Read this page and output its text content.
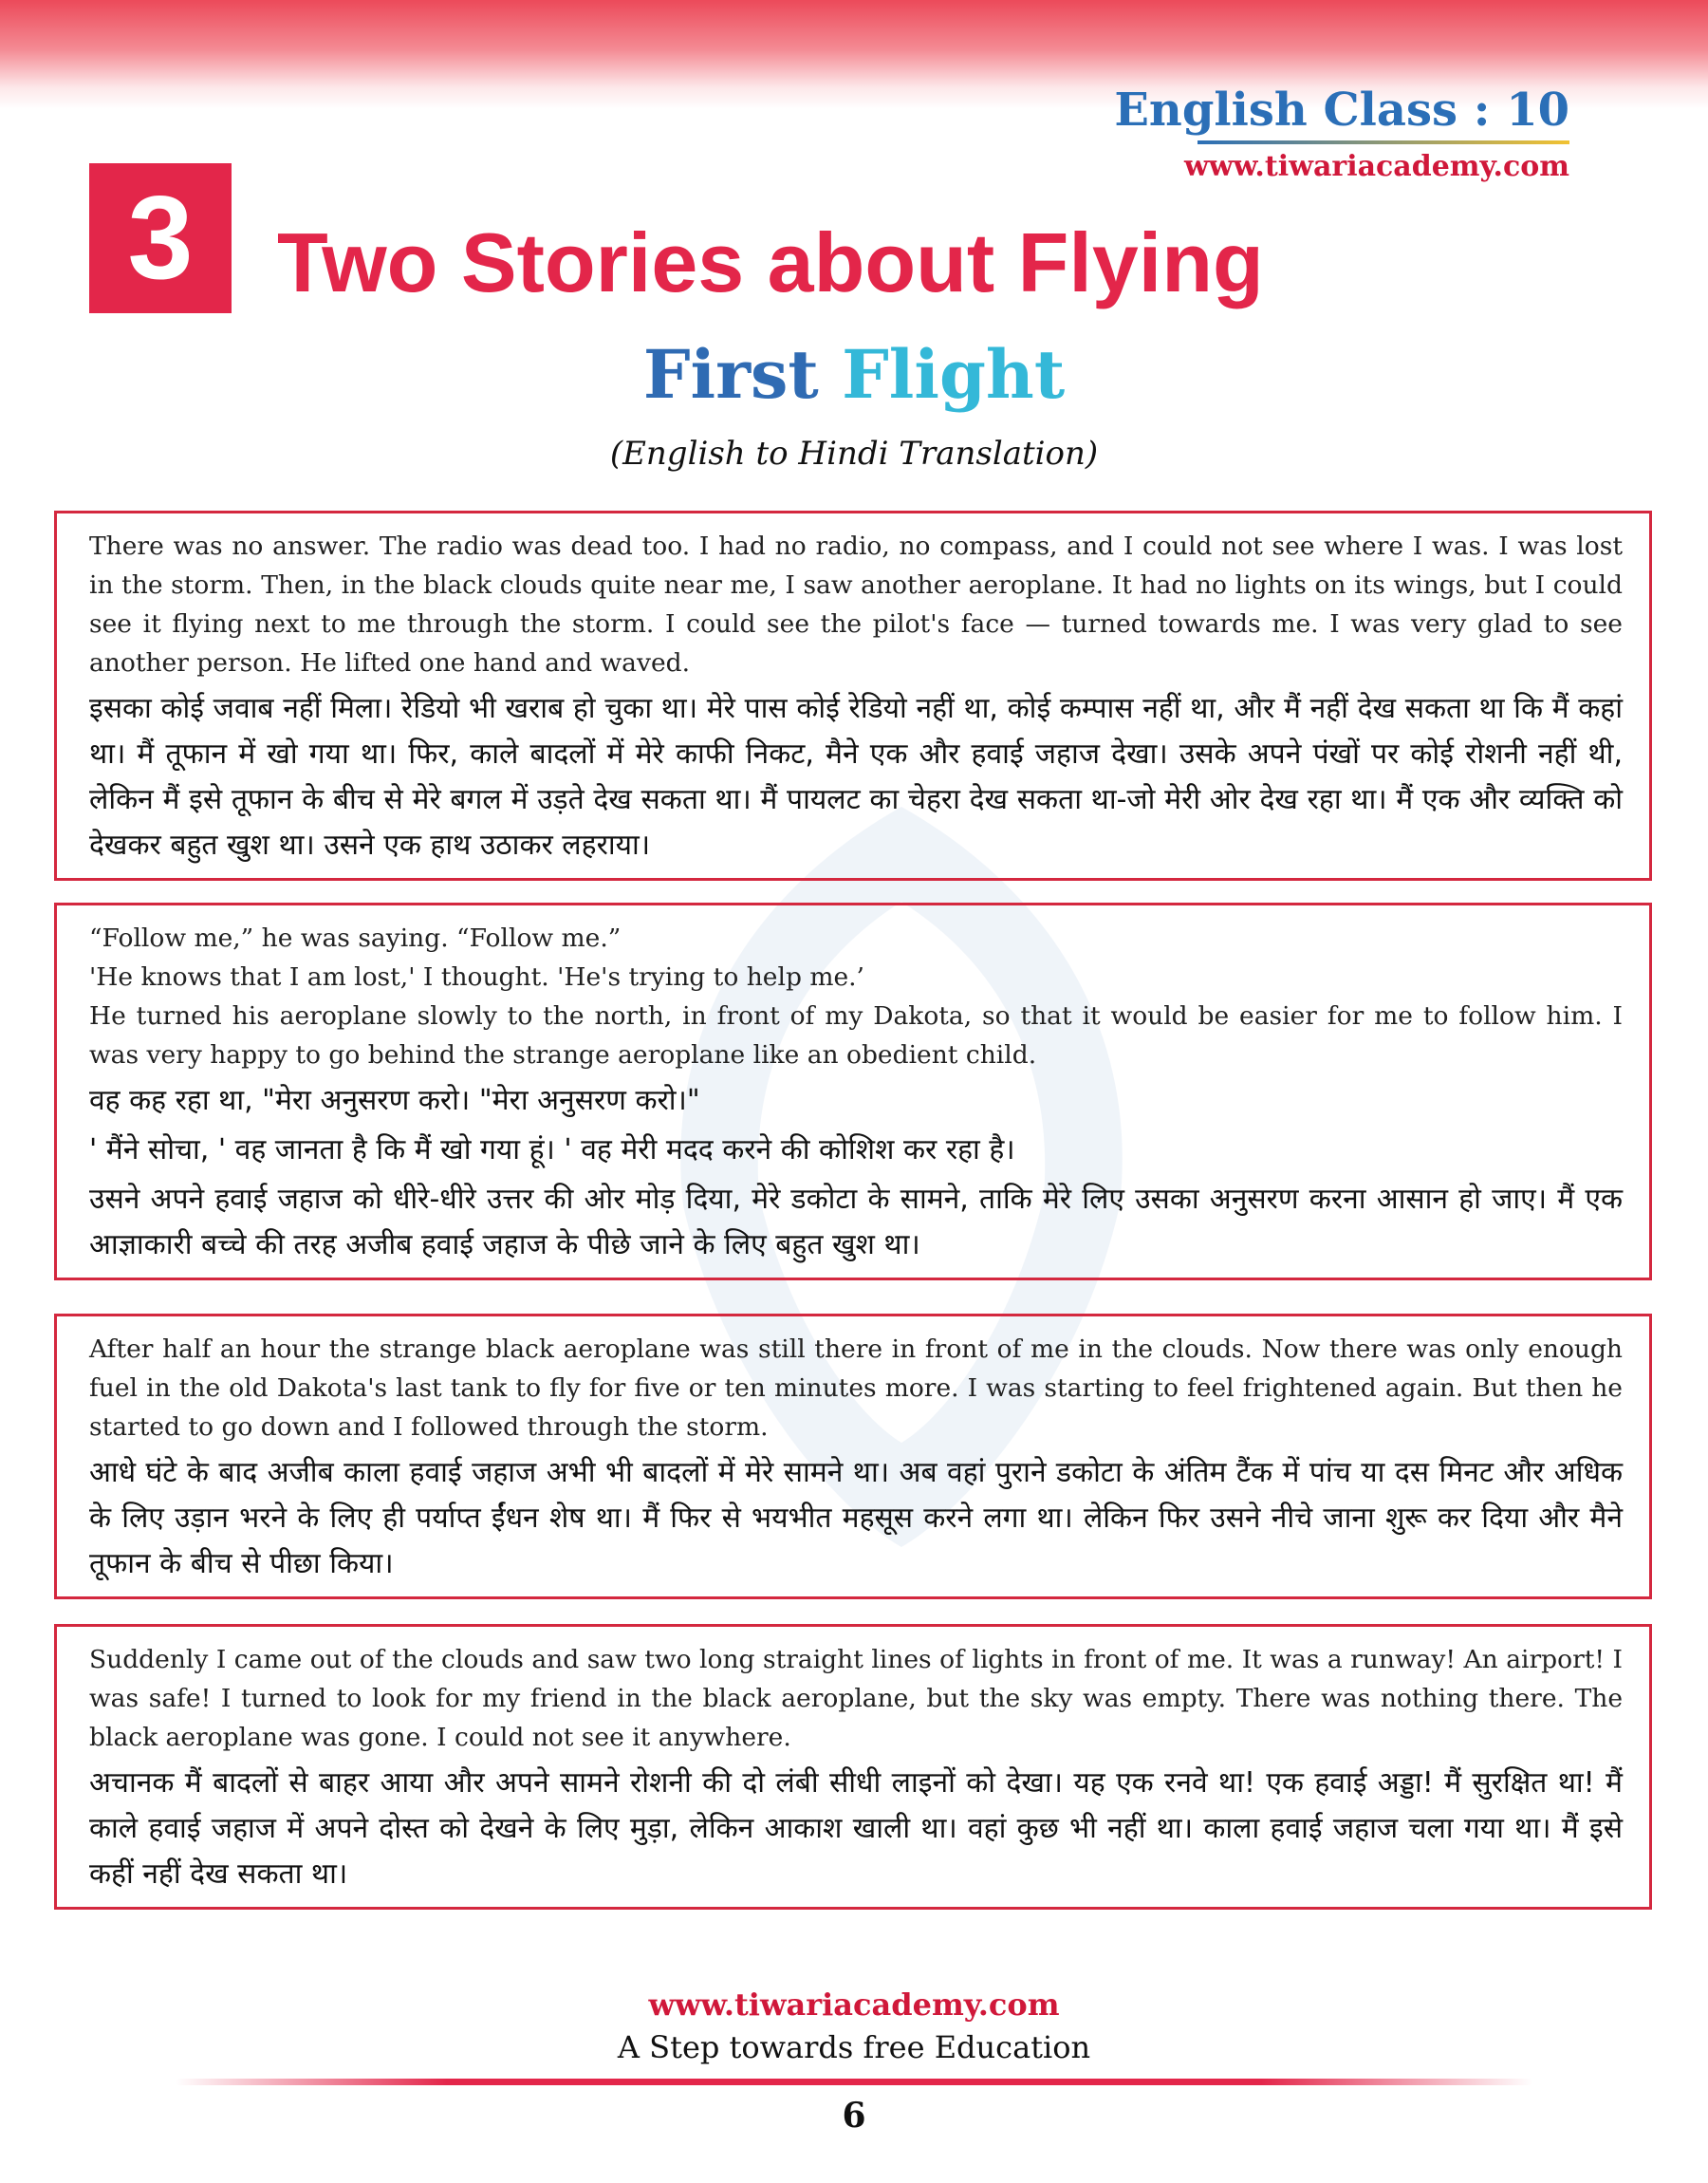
English Class : 10
www.tiwariacademy.com
3	Two Stories about Flying
First Flight
(English to Hindi Translation)

There was no answer. The radio was dead too. I had no radio, no compass, and I could not see where I was. I was lost in the storm. Then, in the black clouds quite near me, I saw another aeroplane. It had no lights on its wings, but I could see it flying next to me through the storm. I could see the pilot's face — turned towards me. I was very glad to see another person. He lifted one hand and waved.

इसका कोई जवाब नहीं मिला। रेडियो भी खराब हो चुका था। मेरे पास कोई रेडियो नहीं था, कोई कम्पास नहीं था, और मैं नहीं देख सकता था कि मैं कहां था। मैं तूफान में खो गया था। फिर, काले बादलों में मेरे काफी निकट, मैने एक और हवाई जहाज देखा। उसके अपने पंखों पर कोई रोशनी नहीं थी, लेकिन मैं इसे तूफान के बीच से मेरे बगल में उड़ते देख सकता था। मैं पायलट का चेहरा देख सकता था-जो मेरी ओर देख रहा था। मैं एक और व्यक्ति को देखकर बहुत खुश था। उसने एक हाथ उठाकर लहराया।

“Follow me,” he was saying. “Follow me.”

'He knows that I am lost,' I thought. 'He's trying to help me.’

He turned his aeroplane slowly to the north, in front of my Dakota, so that it would be easier for me to follow him. I was very happy to go behind the strange aeroplane like an obedient child.

वह कह रहा था, "मेरा अनुसरण करो। "मेरा अनुसरण करो।"

' मैंने सोचा, ' वह जानता है कि मैं खो गया हूं। ' वह मेरी मदद करने की कोशिश कर रहा है।

उसने अपने हवाई जहाज को धीरे-धीरे उत्तर की ओर मोड़ दिया, मेरे डकोटा के सामने, ताकि मेरे लिए उसका अनुसरण करना आसान हो जाए। मैं एक आज्ञाकारी बच्चे की तरह अजीब हवाई जहाज के पीछे जाने के लिए बहुत खुश था।

After half an hour the strange black aeroplane was still there in front of me in the clouds. Now there was only enough fuel in the old Dakota's last tank to fly for five or ten minutes more. I was starting to feel frightened again. But then he started to go down and I followed through the storm.

आधे घंटे के बाद अजीब काला हवाई जहाज अभी भी बादलों में मेरे सामने था। अब वहां पुराने डकोटा के अंतिम टैंक में पांच या दस मिनट और अधिक के लिए उड़ान भरने के लिए ही पर्याप्त ईंधन शेष था। मैं फिर से भयभीत महसूस करने लगा था। लेकिन फिर उसने नीचे जाना शुरू कर दिया और मैने तूफान के बीच से पीछा किया।

Suddenly I came out of the clouds and saw two long straight lines of lights in front of me. It was a runway! An airport! I was safe! I turned to look for my friend in the black aeroplane, but the sky was empty. There was nothing there. The black aeroplane was gone. I could not see it anywhere.

अचानक मैं बादलों से बाहर आया और अपने सामने रोशनी की दो लंबी सीधी लाइनों को देखा। यह एक रनवे था! एक हवाई अड्डा! मैं सुरक्षित था! मैं काले हवाई जहाज में अपने दोस्त को देखने के लिए मुड़ा, लेकिन आकाश खाली था। वहां कुछ भी नहीं था। काला हवाई जहाज चला गया था। मैं इसे कहीं नहीं देख सकता था।

www.tiwariacademy.com
A Step towards free Education
6
